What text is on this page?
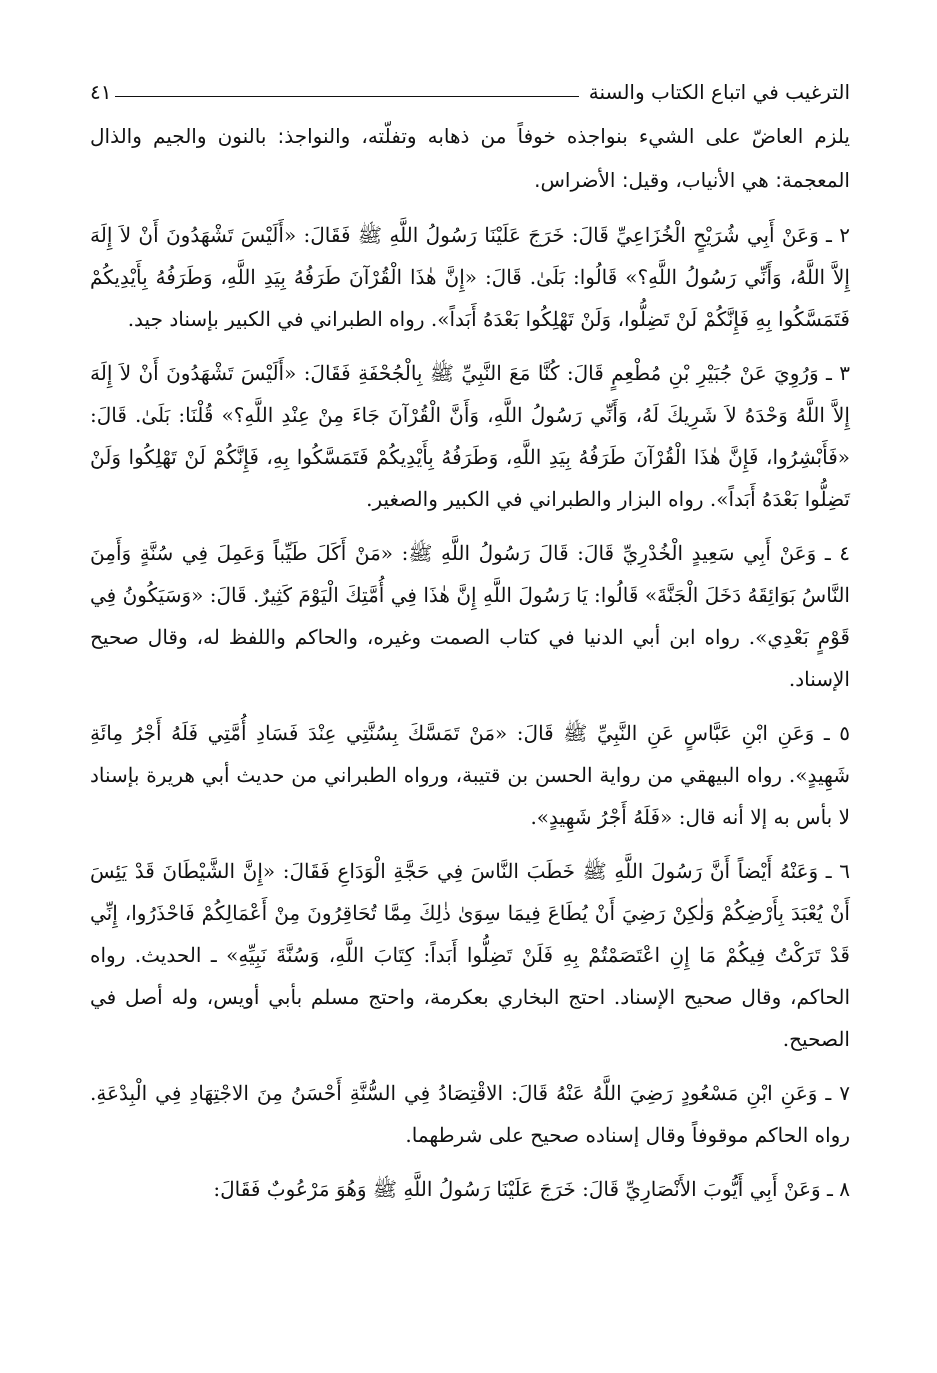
الترغيب في اتباع الكتاب والسنة
٤١

يلزم العاضّ على الشيء بنواجذه خوفاً من ذهابه وتفلّته، والنواجذ: بالنون والجيم والذال المعجمة: هي الأنياب، وقيل: الأضراس.

٢ ـ وَعَنْ أَبِي شُرَيْحٍ الْخُزَاعِيِّ قَالَ: خَرَجَ عَلَيْنَا رَسُولُ اللَّهِ ﷺ فَقَالَ: «أَلَيْسَ تَشْهَدُونَ أَنْ لاَ إِلَهَ إِلاَّ اللَّهُ، وَأَنِّي رَسُولُ اللَّهِ؟» قَالُوا: بَلَىٰ. قَالَ: «إِنَّ هٰذَا الْقُرْآنَ طَرَفُهُ بِيَدِ اللَّهِ، وَطَرَفُهُ بِأَيْدِيكُمْ فَتَمَسَّكُوا بِهِ فَإِنَّكُمْ لَنْ تَضِلُّوا، وَلَنْ تَهْلِكُوا بَعْدَهُ أَبَداً». رواه الطبراني في الكبير بإسناد جيد.

٣ ـ وَرُوِيَ عَنْ جُبَيْرِ بْنِ مُطْعِمٍ قَالَ: كُنَّا مَعَ النَّبِيِّ ﷺ بِالْجُحْفَةِ فَقَالَ: «أَلَيْسَ تَشْهَدُونَ أَنْ لاَ إِلَهَ إِلاَّ اللَّهُ وَحْدَهُ لاَ شَرِيكَ لَهُ، وَأَنِّي رَسُولُ اللَّهِ، وَأَنَّ الْقُرْآنَ جَاءَ مِنْ عِنْدِ اللَّهِ؟» قُلْنَا: بَلَىٰ. قَالَ: «فَأَبْشِرُوا، فَإِنَّ هٰذَا الْقُرْآنَ طَرَفُهُ بِيَدِ اللَّهِ، وَطَرَفُهُ بِأَيْدِيكُمْ فَتَمَسَّكُوا بِهِ، فَإِنَّكُمْ لَنْ تَهْلِكُوا وَلَنْ تَضِلُّوا بَعْدَهُ أَبَداً». رواه البزار والطبراني في الكبير والصغير.

٤ ـ وَعَنْ أَبِي سَعِيدٍ الْخُدْرِيِّ قَالَ: قَالَ رَسُولُ اللَّهِ ﷺ: «مَنْ أَكَلَ طَيِّباً وَعَمِلَ فِي سُنَّةٍ وَأَمِنَ النَّاسُ بَوَائِقَهُ دَخَلَ الْجَنَّةَ» قَالُوا: يَا رَسُولَ اللَّهِ إِنَّ هٰذَا فِي أُمَّتِكَ الْيَوْمَ كَثِيرٌ. قَالَ: «وَسَيَكُونُ فِي قَوْمٍ بَعْدِي». رواه ابن أبي الدنيا في كتاب الصمت وغيره، والحاكم واللفظ له، وقال صحيح الإسناد.

٥ ـ وَعَنِ ابْنِ عَبَّاسٍ عَنِ النَّبِيِّ ﷺ قَالَ: «مَنْ تَمَسَّكَ بِسُنَّتِي عِنْدَ فَسَادِ أُمَّتِي فَلَهُ أَجْرُ مِائَةِ شَهِيدٍ». رواه البيهقي من رواية الحسن بن قتيبة، ورواه الطبراني من حديث أبي هريرة بإسناد لا بأس به إلا أنه قال: «فَلَهُ أَجْرُ شَهِيدٍ».

٦ ـ وَعَنْهُ أَيْضاً أَنَّ رَسُولَ اللَّهِ ﷺ خَطَبَ النَّاسَ فِي حَجَّةِ الْوَدَاعِ فَقَالَ: «إِنَّ الشَّيْطَانَ قَدْ يَئِسَ أَنْ يُعْبَدَ بِأَرْضِكُمْ وَلٰكِنْ رَضِيَ أَنْ يُطَاعَ فِيمَا سِوَىٰ ذٰلِكَ مِمَّا تُحَاقِرُونَ مِنْ أَعْمَالِكُمْ فَاحْذَرُوا، إِنِّي قَدْ تَرَكْتُ فِيكُمْ مَا إِنِ اعْتَصَمْتُمْ بِهِ فَلَنْ تَضِلُّوا أَبَداً: كِتَابَ اللَّهِ، وَسُنَّةَ نَبِيِّهِ» ـ الحديث. رواه الحاكم، وقال صحيح الإسناد. احتج البخاري بعكرمة، واحتج مسلم بأبي أويس، وله أصل في الصحيح.

٧ ـ وَعَنِ ابْنِ مَسْعُودٍ رَضِيَ اللَّهُ عَنْهُ قَالَ: الاقْتِصَادُ فِي السُّنَّةِ أَحْسَنُ مِنَ الاجْتِهَادِ فِي الْبِدْعَةِ. رواه الحاكم موقوفاً وقال إسناده صحيح على شرطهما.

٨ ـ وَعَنْ أَبِي أَيُّوبَ الأَنْصَارِيِّ قَالَ: خَرَجَ عَلَيْنَا رَسُولُ اللَّهِ ﷺ وَهُوَ مَرْعُوبٌ فَقَالَ:
